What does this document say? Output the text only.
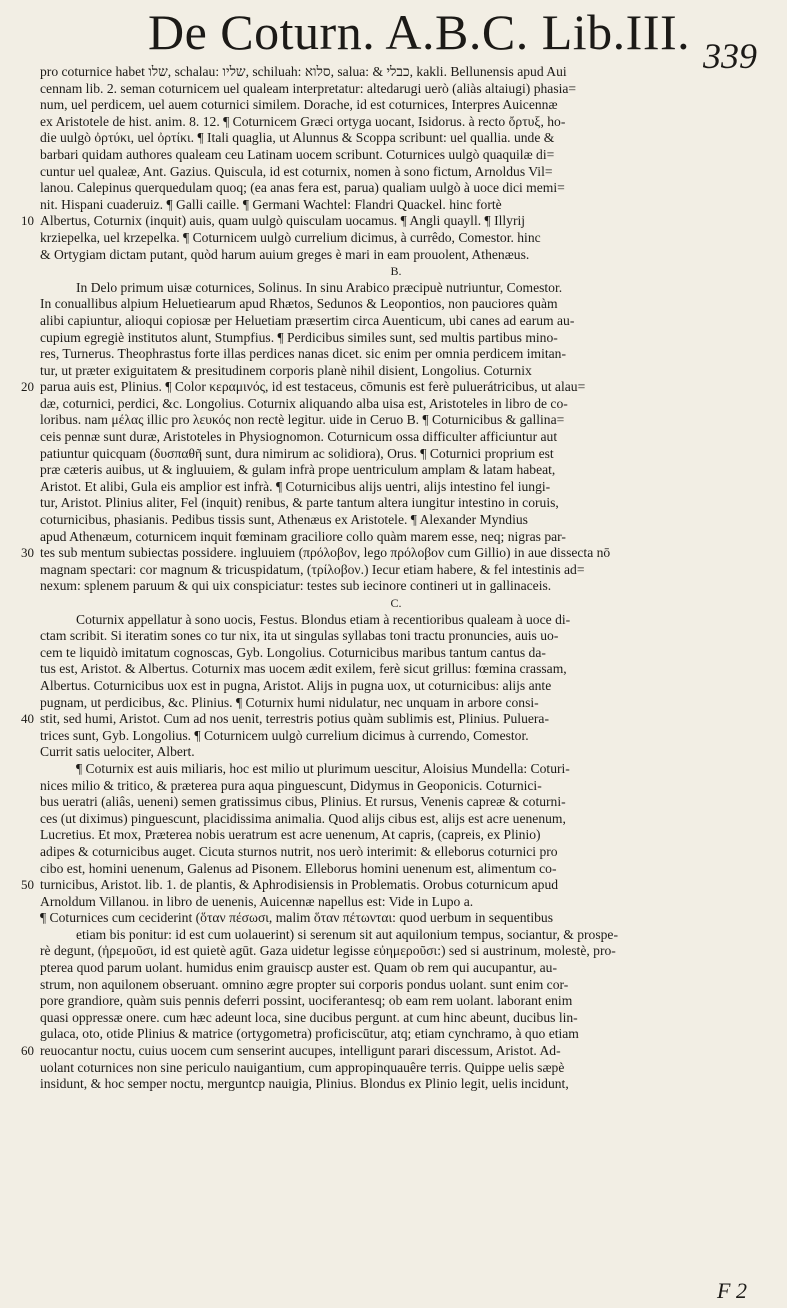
De Coturn. A.B.C. Lib.III. 339
pro coturnice habet שלו, schalau: שליו, schiluah: סלוא, salua: & כבלי, kakli. Bellunensis apud Aui
cennam lib. 2. seman coturnicem uel qualeam interpretatur: altedarugi uerò (aliàs altaiugi) phasia=
num, uel perdicem, uel auem coturnici similem. Dorache, id est coturnices, Interpres Auicennæ
ex Aristotele de hist. anim. 8. 12. ¶ Coturnicem Græci ortyga uocant, Isidorus. à recto ὄρτυξ, ho-
die uulgò ὀρτύκι, uel ὀρτίκι. ¶ Itali quaglia, ut Alunnus & Scoppa scribunt: uel quallia. unde &
barbari quidam authores qualeam ceu Latinam uocem scribunt. Coturnices uulgò quaquilæ di=
cuntur uel qualeæ, Ant. Gazius. Quiscula, id est coturnix, nomen à sono fictum, Arnoldus Vil=
lanou. Calepinus querquedulam quoq; (ea anas fera est, parua) qualiam uulgò à uoce dici memi=
nit. Hispani cuaderuiz. ¶ Galli caille. ¶ Germani Wachtel: Flandri Quackel. hinc fortè
Albertus, Coturnix (inquit) auis, quam uulgò quisculam uocamus. ¶ Angli quayll. ¶ Illyrij
krziepelka, uel krzepelka. ¶ Coturnicem uulgò currelium dicimus, à currêdo, Comestor. hinc
& Ortygiam dictam putant, quòd harum auium greges è mari in eam prouolent, Athenæus.
B.
In Delo primum uisæ coturnices, Solinus. In sinu Arabico præcipuè nutriuntur, Comestor.
In conuallibus alpium Heluetiearum apud Rhætos, Sedunos & Leopontios, non pauciores quàm
alibi capiuntur, alioqui copiosæ per Heluetiam præsertim circa Auenticum, ubi canes ad earum au-
cupium egregiè institutos alunt, Stumpfius. ¶ Perdicibus similes sunt, sed multis partibus mino-
res, Turnerus. Theophrastus forte illas perdices nanas dicet. sic enim per omnia perdicem imitan-
tur, ut præter exiguitatem & presitudinem corporis planè nihil disient, Longolius. Coturnix
parua auis est, Plinius. ¶ Color κεραμινός, id est testaceus, cōmunis est ferè puluerátricibus, ut alau=
dæ, coturnici, perdici, &c. Longolius. Coturnix aliquando alba uisa est, Aristoteles in libro de co-
loribus. nam μέλας illic pro λευκός non rectè legitur. uide in Ceruo B. ¶ Coturnicibus & gallina=
ceis pennæ sunt duræ, Aristoteles in Physiognomon. Coturnicum ossa difficulter afficiuntur aut
patiuntur quicquam (δυσπαθῆ sunt, dura nimirum ac solidiora), Orus. ¶ Coturnici proprium est
præ cæteris auibus, ut & ingluuiem, & gulam infrà prope uentriculum amplam & latam habeat,
Aristot. Et alibi, Gula eis amplior est infrà. ¶ Coturnicibus alijs uentri, alijs intestino fel iungi-
tur, Aristot. Plinius aliter, Fel (inquit) renibus, & parte tantum altera iungitur intestino in coruis,
coturnicibus, phasianis. Pedibus tissis sunt, Athenæus ex Aristotele. ¶ Alexander Myndius
apud Athenæum, coturnicem inquit fœminam graciliore collo quàm marem esse, neq; nigras par-
tes sub mentum subiectas possidere. ingluuiem (πρόλοβον, lego πρόλοβον cum Gillio) in aue dissecta nō
magnam spectari: cor magnum & tricuspidatum, (τρίλοβον.) Iecur etiam habere, & fel intestinis ad=
nexum: splenem paruum & qui uix conspiciatur: testes sub iecinore contineri ut in gallinaceis.
C.
Coturnix appellatur à sono uocis, Festus. Blondus etiam à recentioribus qualeam à uoce di-
ctam scribit. Si iteratim sones co tur nix, ita ut singulas syllabas toni tractu pronuncies, auis uo-
cem te liquidò imitatum cognoscas, Gyb. Longolius. Coturnicibus maribus tantum cantus da-
tus est, Aristot. & Albertus. Coturnix mas uocem ædit exilem, ferè sicut grillus: fœmina crassam,
Albertus. Coturnicibus uox est in pugna, Aristot. Alijs in pugna uox, ut coturnicibus: alijs ante
pugnam, ut perdicibus, &c. Plinius. ¶ Coturnix humi nidulatur, nec unquam in arbore consi-
stit, sed humi, Aristot. Cum ad nos uenit, terrestris potius quàm sublimis est, Plinius. Puluera-
trices sunt, Gyb. Longolius. ¶ Coturnicem uulgò currelium dicimus à currendo, Comestor.
Currit satis uelociter, Albert.
¶ Coturnix est auis miliaris, hoc est milio ut plurimum uescitur, Aloisius Mundella: Coturi-
nices milio & tritico, & præterea pura aqua pinguescunt, Didymus in Geoponicis. Coturnici-
bus ueratri (aliâs, ueneni) semen gratissimus cibus, Plinius. Et rursus, Venenis capreæ & coturni-
ces (ut diximus) pinguescunt, placidissima animalia. Quod alijs cibus est, alijs est acre uenenum,
Lucretius. Et mox, Præterea nobis ueratrum est acre uenenum, At capris, (capreis, ex Plinio)
adipes & coturnicibus auget. Cicuta sturnos nutrit, nos uerò interimit: & elleborus coturnici pro
cibo est, homini uenenum, Galenus ad Pisonem. Elleborus homini uenenum est, alimentum co-
turnicibus, Aristot. lib. 1. de plantis, & Aphrodisiensis in Problematis. Orobus coturnicum apud
Arnoldum Villanou. in libro de uenenis, Auicennæ napellus est: Vide in Lupo a.
¶ Coturnices cum ceciderint (ὅταν πέσωσι, malim ὅταν πέτωνται: quod uerbum in sequentibus
etiam bis ponitur: id est cum uolauerint) si serenum sit aut aquilonium tempus, sociantur, & prospe-
rè degunt, (ἠρεμοῦσι, id est quietè agūt. Gaza uidetur legisse εὐημεροῦσι:) sed si austrinum, molestè, pro-
pterea quod parum uolant. humidus enim grauiscp auster est. Quam ob rem qui aucupantur, au-
strum, non aquilonem obseruant. omnino ægre propter sui corporis pondus uolant. sunt enim cor-
pore grandiore, quàm suis pennis deferri possint, uociferantesq; ob eam rem uolant. laborant enim
quasi oppressæ onere. cum hæc adeunt loca, sine ducibus pergunt. at cum hinc abeunt, ducibus lin-
gulaca, oto, otide Plinius & matrice (ortygometra) proficiscūtur, atq; etiam cynchramo, à quo etiam
reuocantur noctu, cuius uocem cum senserint aucupes, intelligunt parari discessum, Aristot. Ad-
uolant coturnices non sine periculo nauigantium, cum appropinquauêre terris. Quippe uelis sæpè
insidunt, & hoc semper noctu, merguntcp nauigia, Plinius. Blondus ex Plinio legit, uelis incidunt,
F 2
10
20
30
40
50
60
